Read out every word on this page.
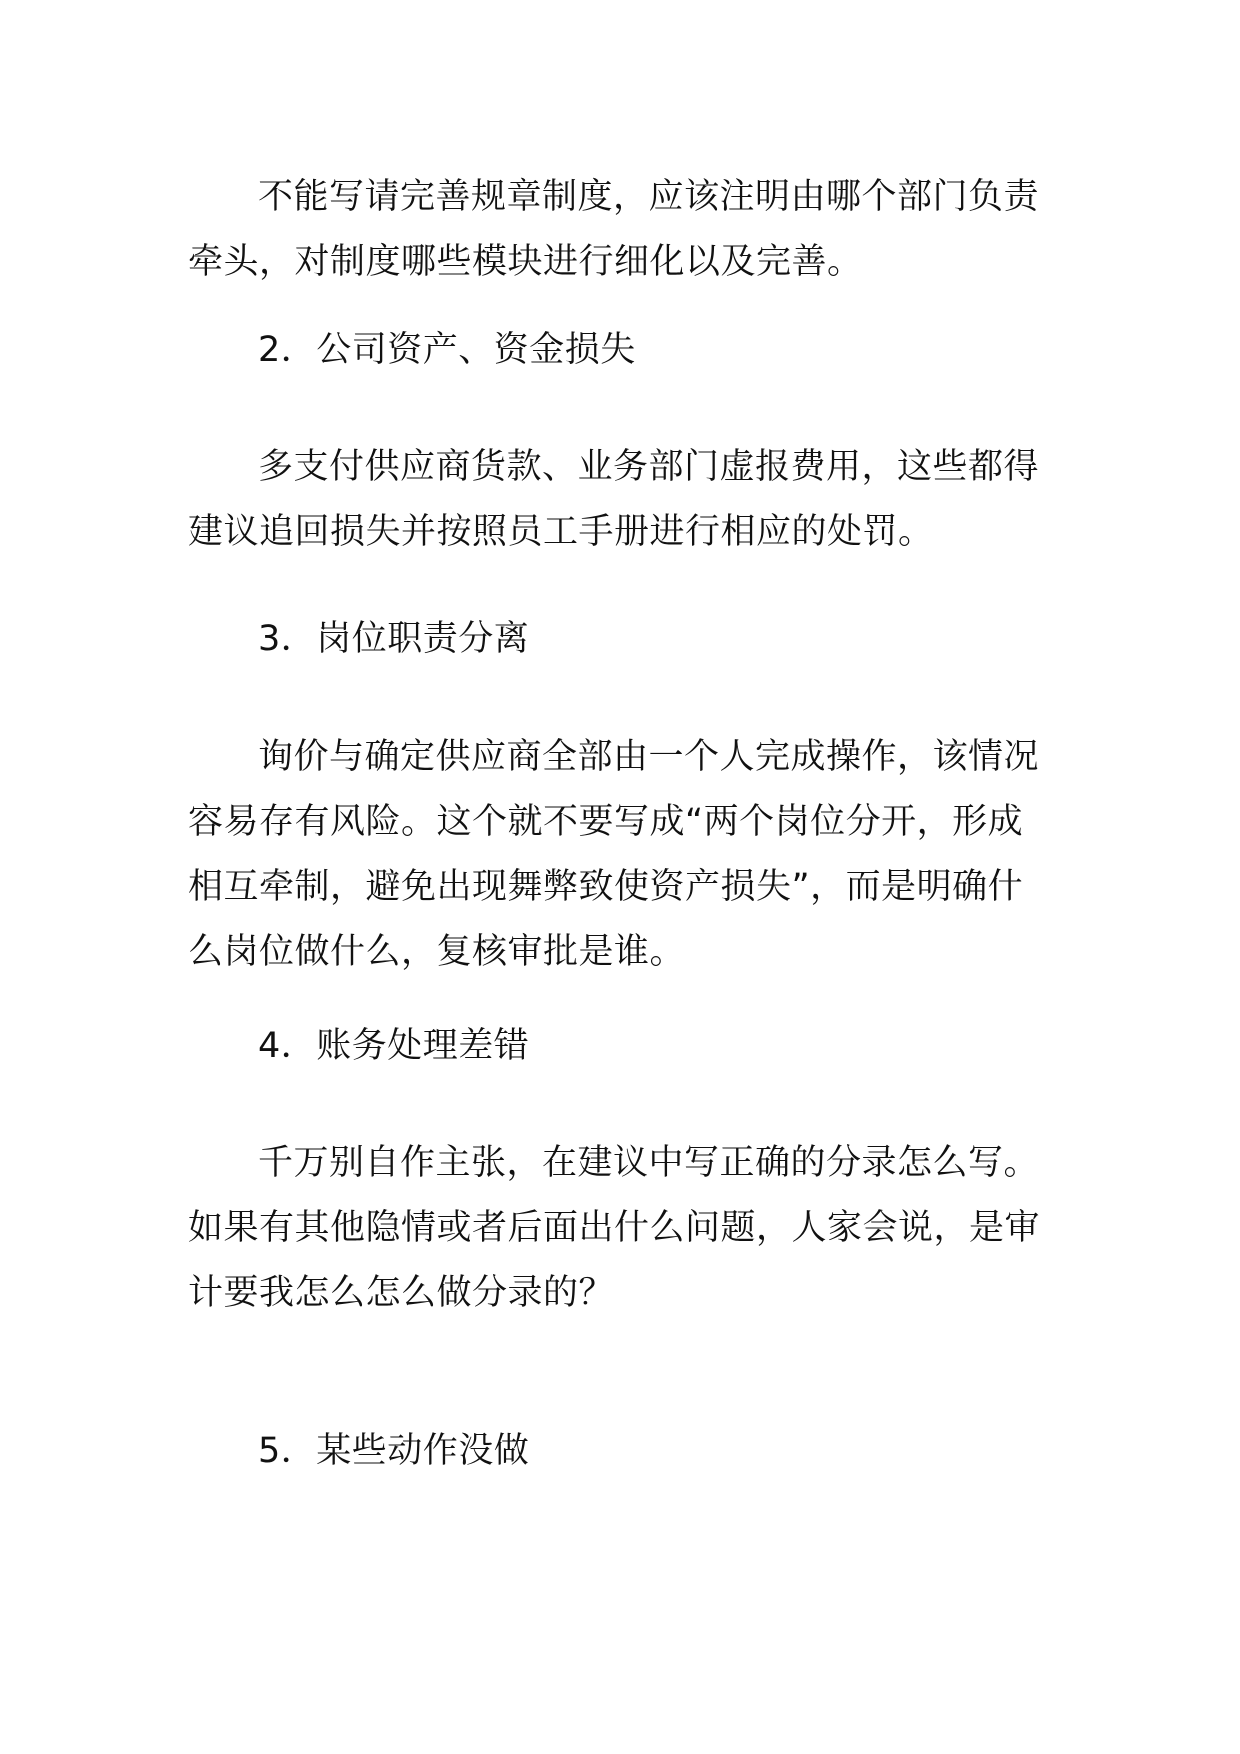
不能写请完善规章制度，应该注明由哪个部门负责牵头，对制度哪些模块进行细化以及完善。

2．公司资产、资金损失

多支付供应商货款、业务部门虚报费用，这些都得建议追回损失并按照员工手册进行相应的处罚。

3．岗位职责分离

询价与确定供应商全部由一个人完成操作，该情况容易存有风险。这个就不要写成“两个岗位分开，形成相互牵制，避免出现舞弊致使资产损失”，而是明确什么岗位做什么，复核审批是谁。

4．账务处理差错

千万别自作主张，在建议中写正确的分录怎么写。如果有其他隐情或者后面出什么问题，人家会说，是审计要我怎么怎么做分录的？

5．某些动作没做
